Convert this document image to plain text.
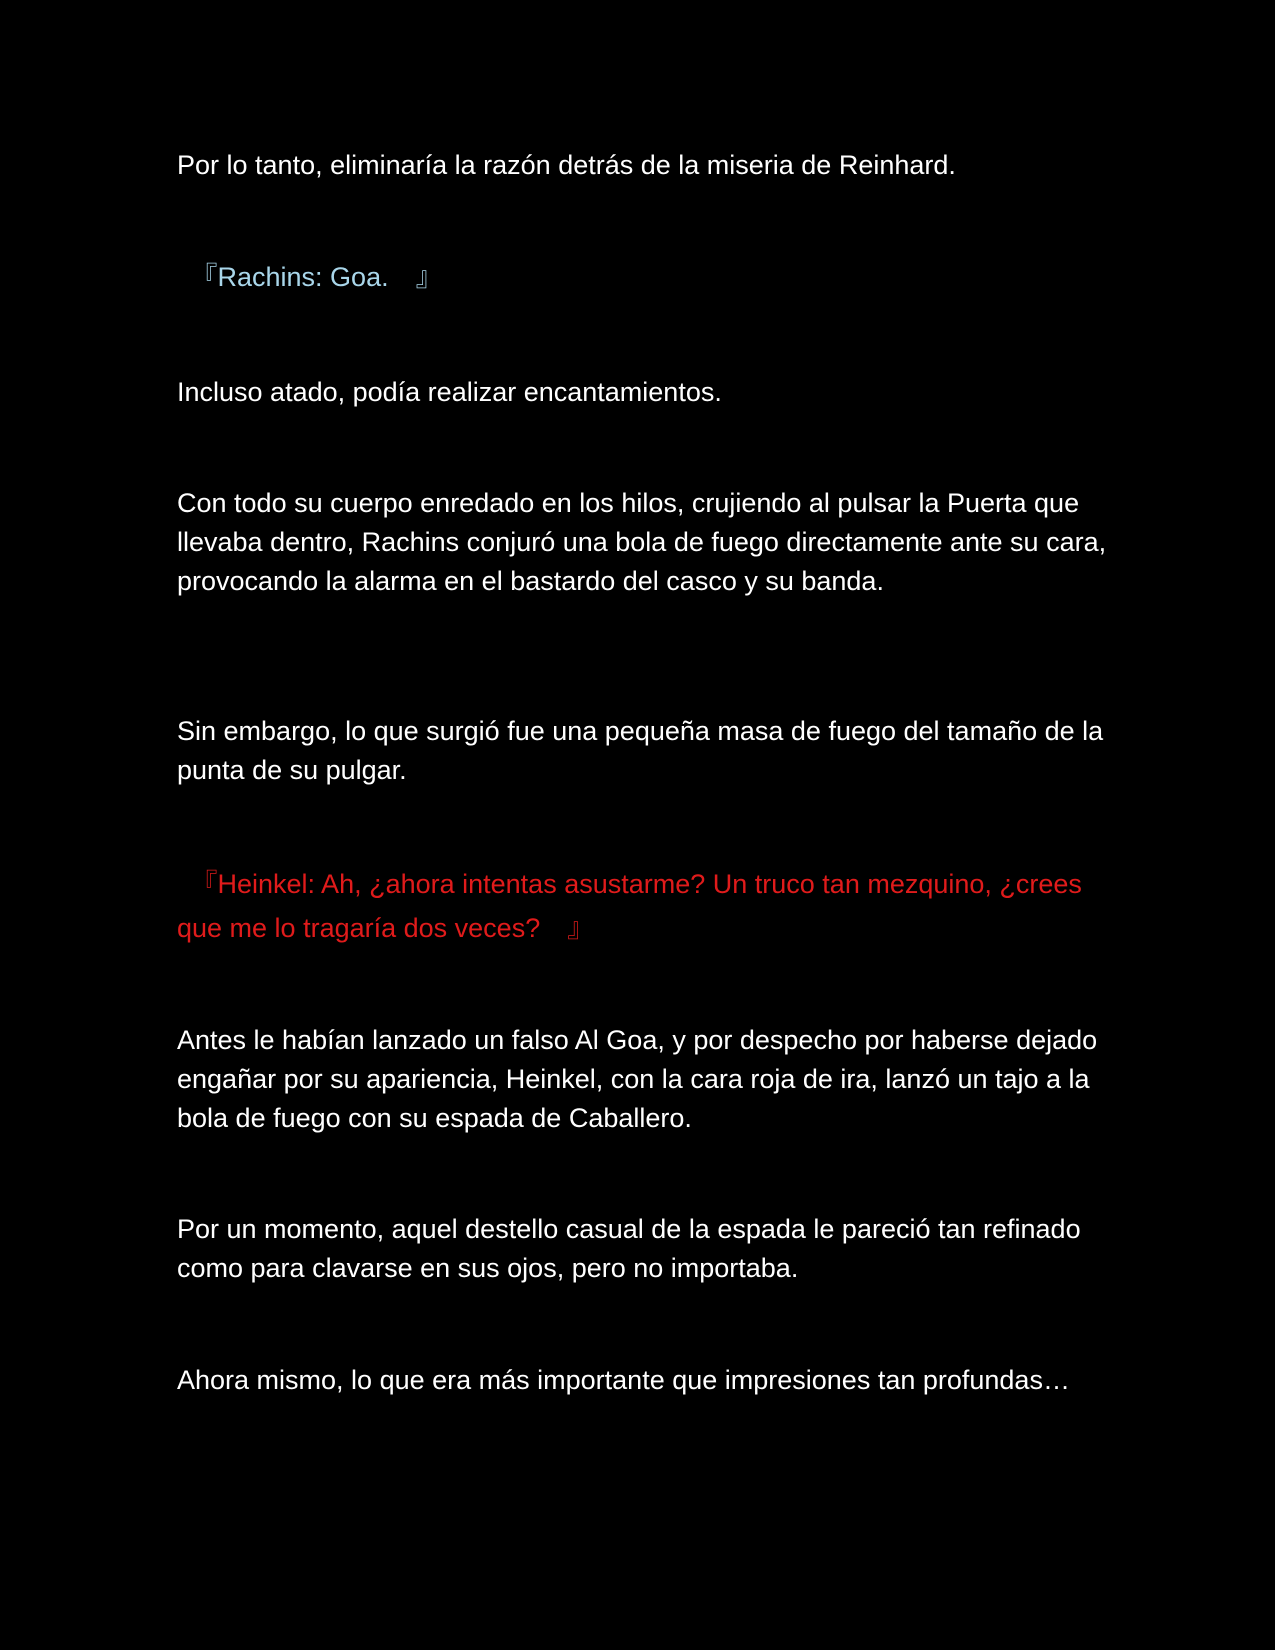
Por lo tanto, eliminaría la razón detrás de la miseria de Reinhard.

　『Rachins: Goa.　』

Incluso atado, podía realizar encantamientos.

Con todo su cuerpo enredado en los hilos, crujiendo al pulsar la Puerta que llevaba dentro, Rachins conjuró una bola de fuego directamente ante su cara, provocando la alarma en el bastardo del casco y su banda.

Sin embargo, lo que surgió fue una pequeña masa de fuego del tamaño de la punta de su pulgar.

　『Heinkel: Ah, ¿ahora intentas asustarme? Un truco tan mezquino, ¿crees que me lo tragaría dos veces?　』

Antes le habían lanzado un falso Al Goa, y por despecho por haberse dejado engañar por su apariencia, Heinkel, con la cara roja de ira, lanzó un tajo a la bola de fuego con su espada de Caballero.

Por un momento, aquel destello casual de la espada le pareció tan refinado como para clavarse en sus ojos, pero no importaba.

Ahora mismo, lo que era más importante que impresiones tan profundas…
